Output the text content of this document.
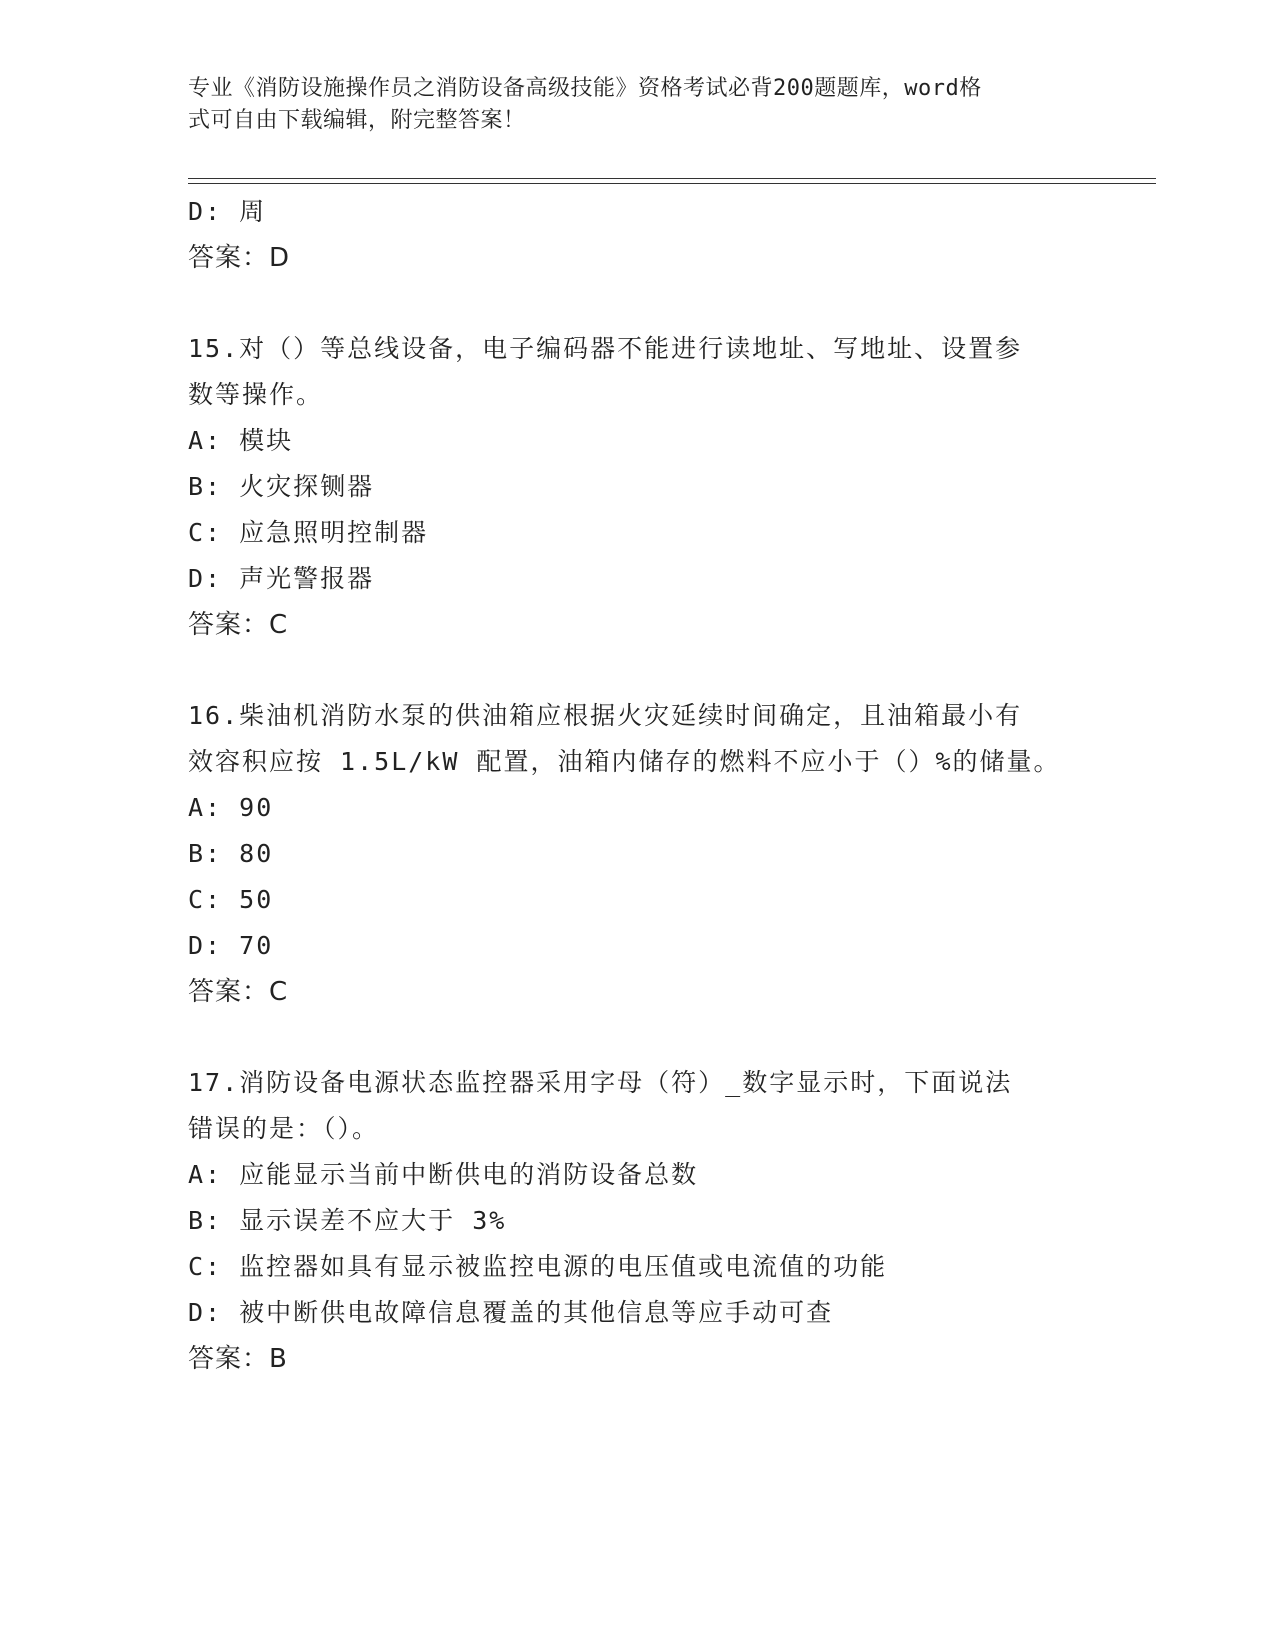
专业《消防设施操作员之消防设备高级技能》资格考试必背200题题库，word格
式可自由下载编辑，附完整答案！
D: 周
答案：D
15.对（）等总线设备，电子编码器不能进行读地址、写地址、设置参
数等操作。
A: 模块
B: 火灾探铡器
C: 应急照明控制器
D: 声光警报器
答案：C
16.柴油机消防水泵的供油箱应根据火灾延续时间确定，且油箱最小有
效容积应按 1.5L/kW 配置，油箱内储存的燃料不应小于（）%的储量。
A: 90
B: 80
C: 50
D: 70
答案：C
17.消防设备电源状态监控器采用字母（符）_数字显示时，下面说法
错误的是：（）。
A: 应能显示当前中断供电的消防设备总数
B: 显示误差不应大于 3%
C: 监控器如具有显示被监控电源的电压值或电流值的功能
D: 被中断供电故障信息覆盖的其他信息等应手动可查
答案：B
